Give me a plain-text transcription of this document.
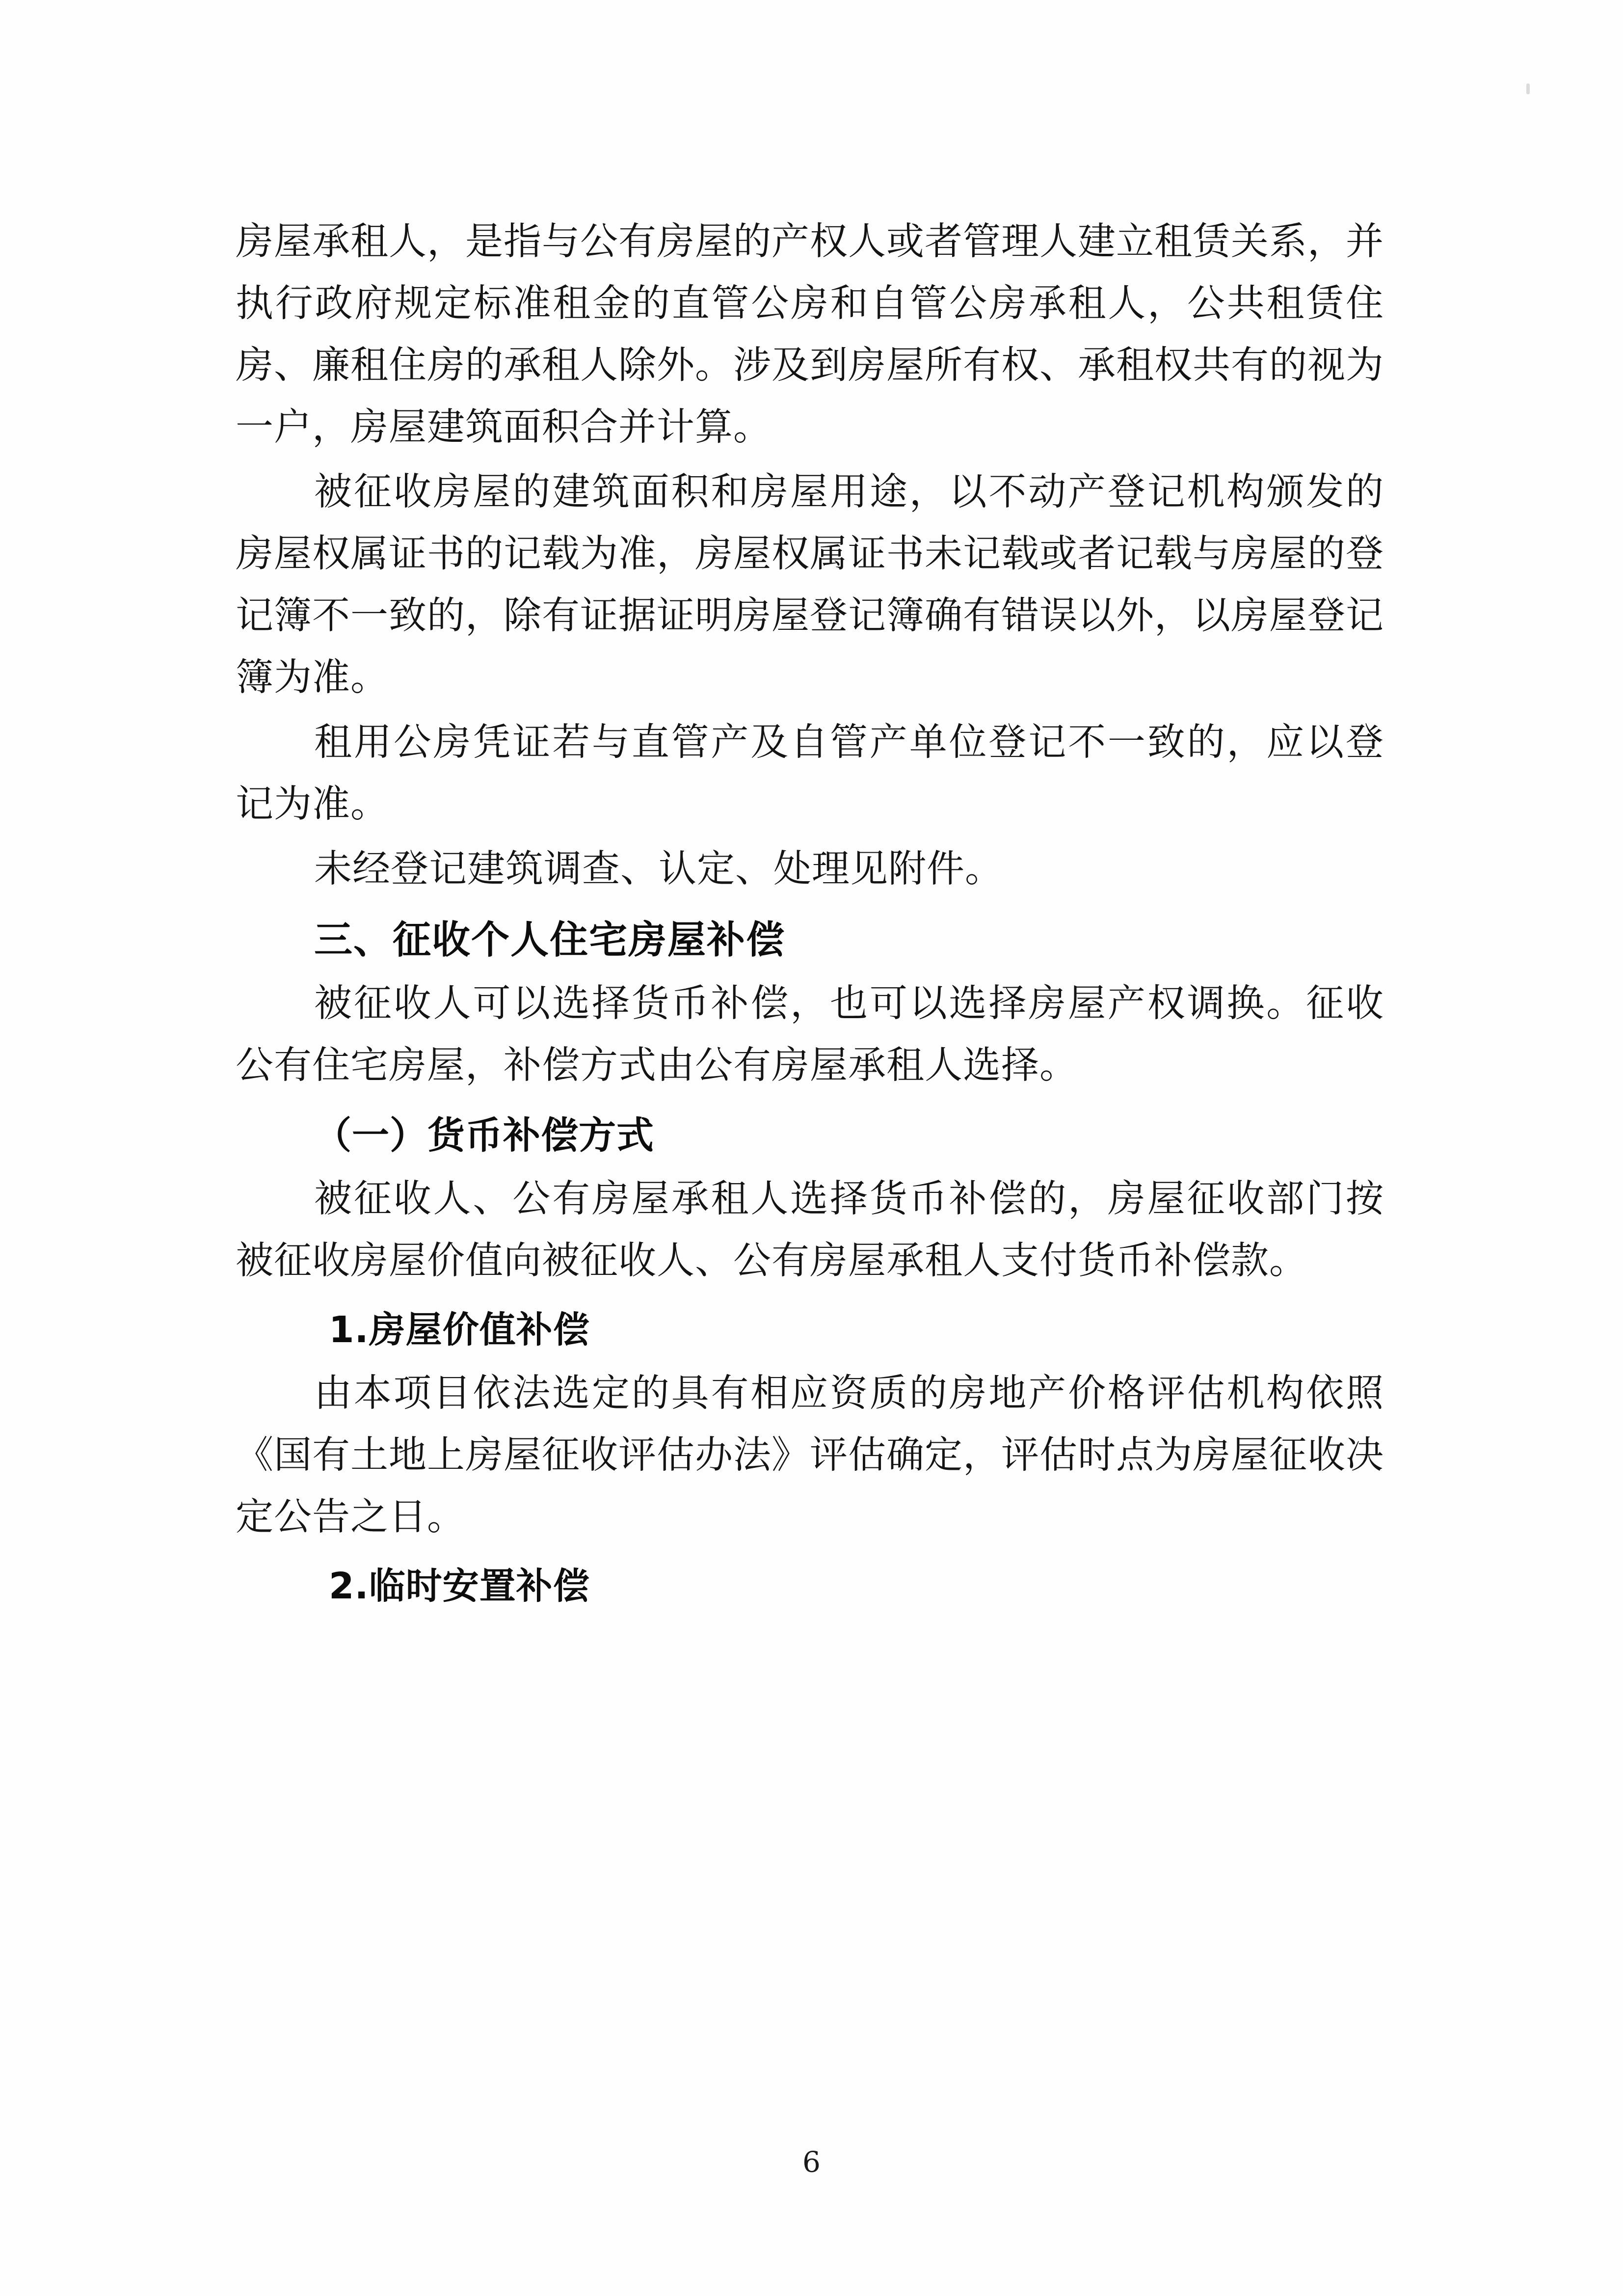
房屋承租人，是指与公有房屋的产权人或者管理人建立租赁关系，并执行政府规定标准租金的直管公房和自管公房承租人，公共租赁住房、廉租住房的承租人除外。涉及到房屋所有权、承租权共有的视为一户，房屋建筑面积合并计算。

被征收房屋的建筑面积和房屋用途，以不动产登记机构颁发的房屋权属证书的记载为准，房屋权属证书未记载或者记载与房屋的登记簿不一致的，除有证据证明房屋登记簿确有错误以外，以房屋登记簿为准。

租用公房凭证若与直管产及自管产单位登记不一致的，应以登记为准。

未经登记建筑调查、认定、处理见附件。

三、征收个人住宅房屋补偿

被征收人可以选择货币补偿，也可以选择房屋产权调换。征收公有住宅房屋，补偿方式由公有房屋承租人选择。

（一）货币补偿方式

被征收人、公有房屋承租人选择货币补偿的，房屋征收部门按被征收房屋价值向被征收人、公有房屋承租人支付货币补偿款。

1.房屋价值补偿

由本项目依法选定的具有相应资质的房地产价格评估机构依照《国有土地上房屋征收评估办法》评估确定，评估时点为房屋征收决定公告之日。

2.临时安置补偿
6
